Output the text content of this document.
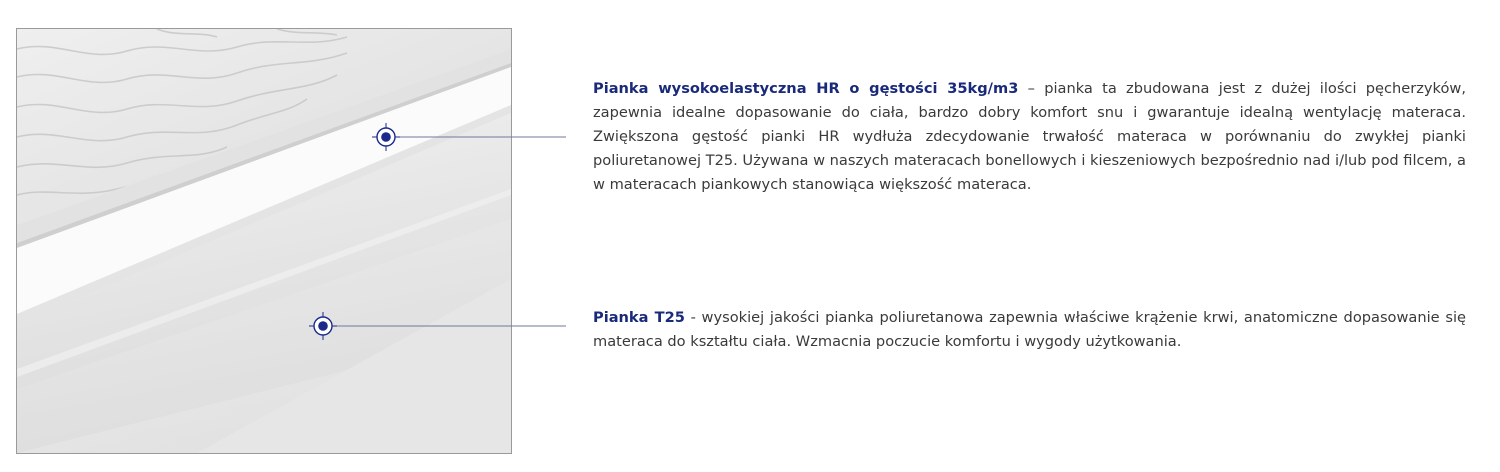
Pianka wysokoelastyczna HR o gęstości 35kg/m3 – pianka ta zbudowana jest z dużej ilości pęcherzyków, zapewnia idealne dopasowanie do ciała, bardzo dobry komfort snu i gwarantuje idealną wentylację materaca. Zwiększona gęstość pianki HR wydłuża zdecydowanie trwałość materaca w porównaniu do zwykłej pianki poliuretanowej T25. Używana w naszych materacach bonellowych i kieszeniowych bezpośrednio nad i/lub pod filcem, a w materacach piankowych stanowiąca większość materaca.

Pianka T25 - wysokiej jakości pianka poliuretanowa zapewnia właściwe krążenie krwi, anatomiczne dopasowanie się materaca do kształtu ciała. Wzmacnia poczucie komfortu i wygody użytkowania.
